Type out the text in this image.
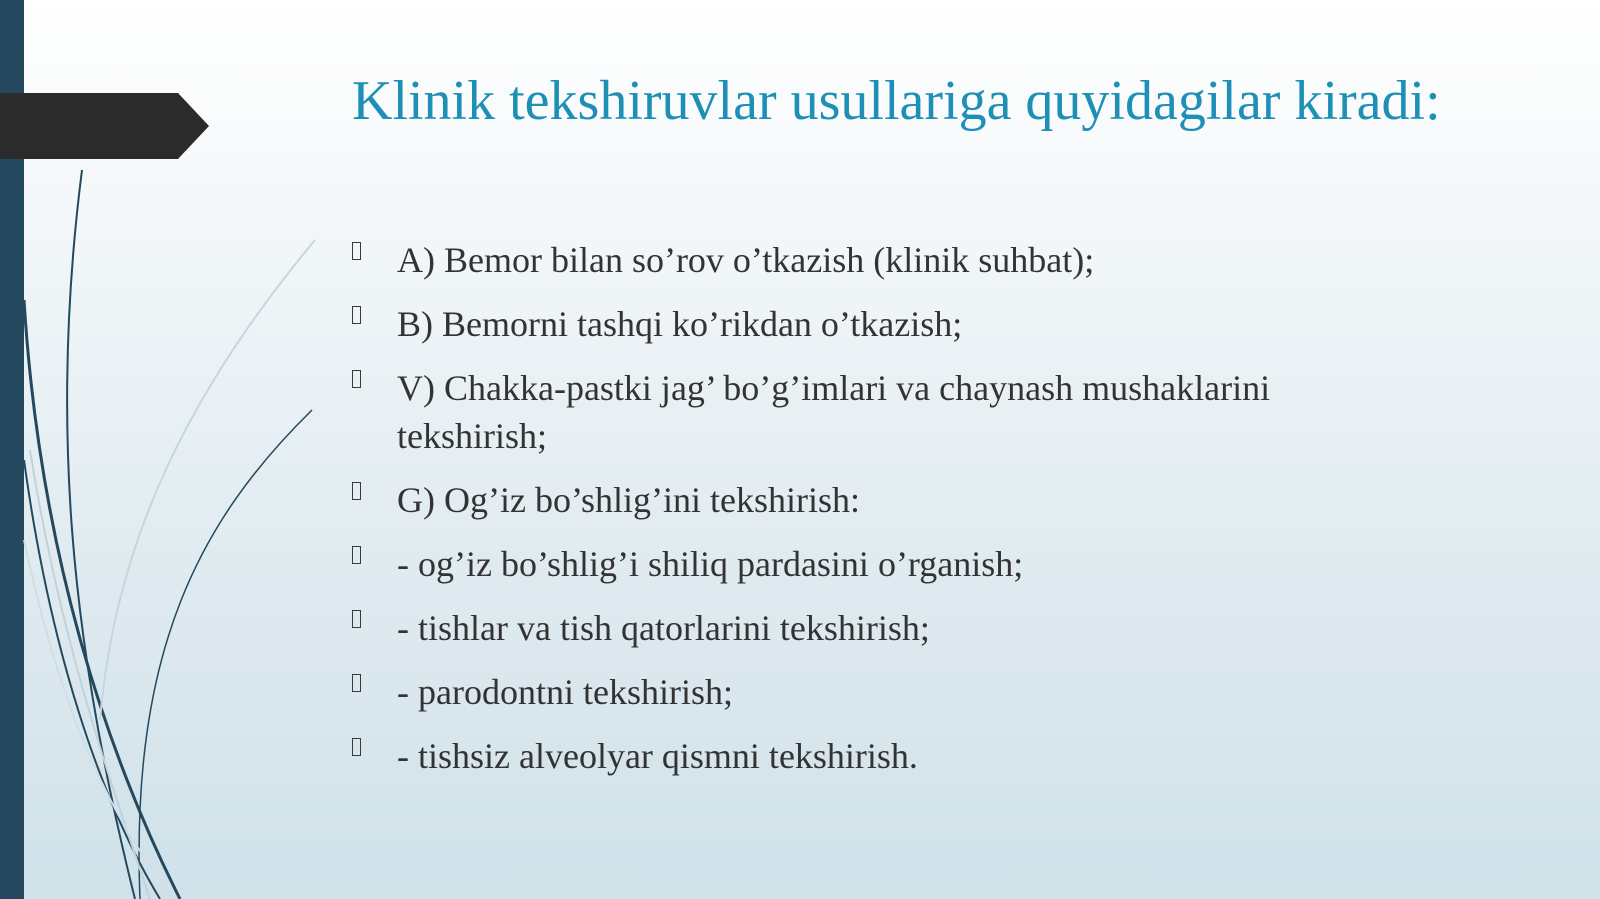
Klinik tekshiruvlar usullariga quyidagilar kiradi:
A) Bemor bilan so’rov o’tkazish (klinik suhbat);
B) Bemorni tashqi ko’rikdan o’tkazish;
V) Chakka-pastki jag’ bo’g’imlari va chaynash mushaklarini tekshirish;
G) Og’iz bo’shlig’ini tekshirish:
- og’iz bo’shlig’i shiliq pardasini o’rganish;
- tishlar va tish qatorlarini tekshirish;
- parodontni tekshirish;
- tishsiz alveolyar qismni tekshirish.
